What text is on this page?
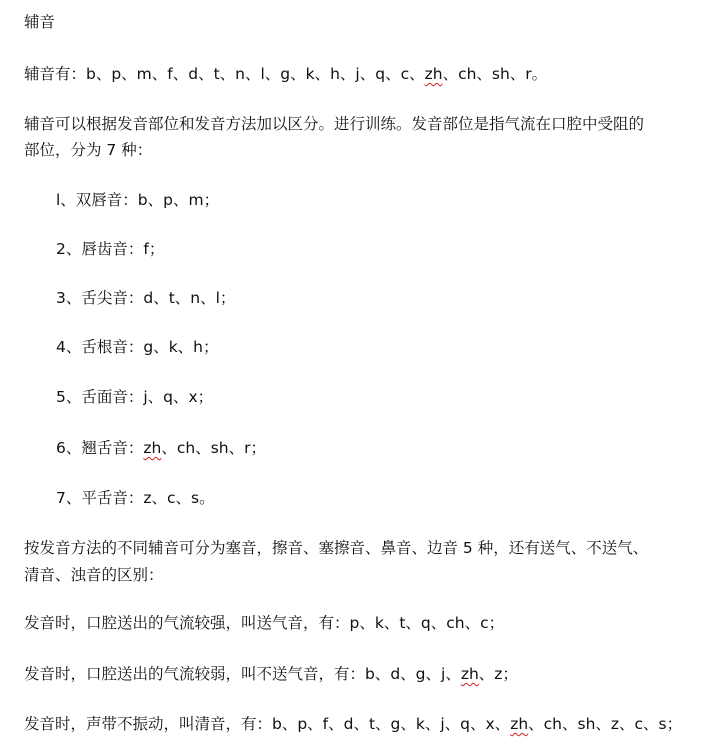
辅音
辅音有：b、p、m、f、d、t、n、l、g、k、h、j、q、c、zh、ch、sh、r。
辅音可以根据发音部位和发音方法加以区分。进行训练。发音部位是指气流在口腔中受阻的
部位，分为 7 种：
l、双唇音：b、p、m；
2、唇齿音：f；
3、舌尖音：d、t、n、l；
4、舌根音：g、k、h；
5、舌面音：j、q、x；
6、翘舌音：zh、ch、sh、r；
7、平舌音：z、c、s。
按发音方法的不同辅音可分为塞音，擦音、塞擦音、鼻音、边音 5 种，还有送气、不送气、
清音、浊音的区别：
发音时，口腔送出的气流较强，叫送气音，有：p、k、t、q、ch、c；
发音时，口腔送出的气流较弱，叫不送气音，有：b、d、g、j、zh、z；
发音时，声带不振动，叫清音，有：b、p、f、d、t、g、k、j、q、x、zh、ch、sh、z、c、s；
